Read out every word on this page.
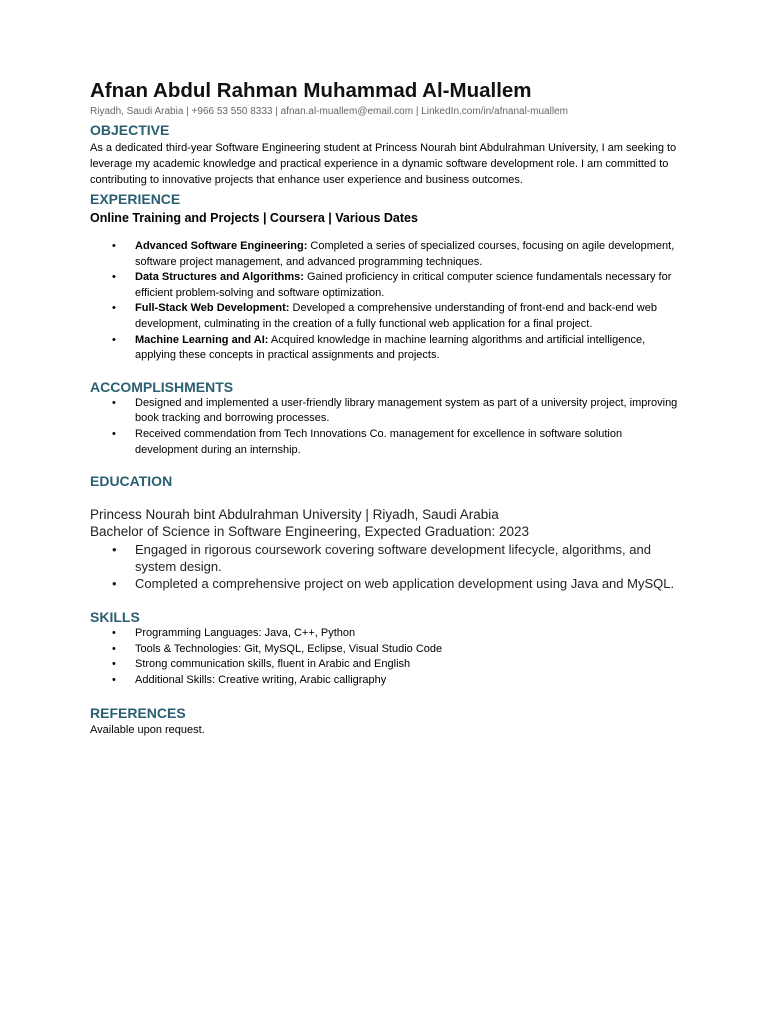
Afnan Abdul Rahman Muhammad Al-Muallem
Riyadh, Saudi Arabia | +966 53 550 8333 | afnan.al-muallem@email.com | LinkedIn.com/in/afnanal-muallem
OBJECTIVE

As a dedicated third-year Software Engineering student at Princess Nourah bint Abdulrahman University, I am seeking to leverage my academic knowledge and practical experience in a dynamic software development role. I am committed to contributing to innovative projects that enhance user experience and business outcomes.

EXPERIENCE
Online Training and Projects | Coursera | Various Dates
• Advanced Software Engineering: Completed a series of specialized courses, focusing on agile development, software project management, and advanced programming techniques.
• Data Structures and Algorithms: Gained proficiency in critical computer science fundamentals necessary for efficient problem-solving and software optimization.
• Full-Stack Web Development: Developed a comprehensive understanding of front-end and back-end web development, culminating in the creation of a fully functional web application for a final project.
• Machine Learning and AI: Acquired knowledge in machine learning algorithms and artificial intelligence, applying these concepts in practical assignments and projects.
ACCOMPLISHMENTS
• Designed and implemented a user-friendly library management system as part of a university project, improving book tracking and borrowing processes.
• Received commendation from Tech Innovations Co. management for excellence in software solution development during an internship.
EDUCATION
Princess Nourah bint Abdulrahman University | Riyadh, Saudi Arabia
Bachelor of Science in Software Engineering, Expected Graduation: 2023
• Engaged in rigorous coursework covering software development lifecycle, algorithms, and system design.
• Completed a comprehensive project on web application development using Java and MySQL.
SKILLS
• Programming Languages: Java, C++, Python
• Tools & Technologies: Git, MySQL, Eclipse, Visual Studio Code
• Strong communication skills, fluent in Arabic and English
• Additional Skills: Creative writing, Arabic calligraphy
REFERENCES

Available upon request.
